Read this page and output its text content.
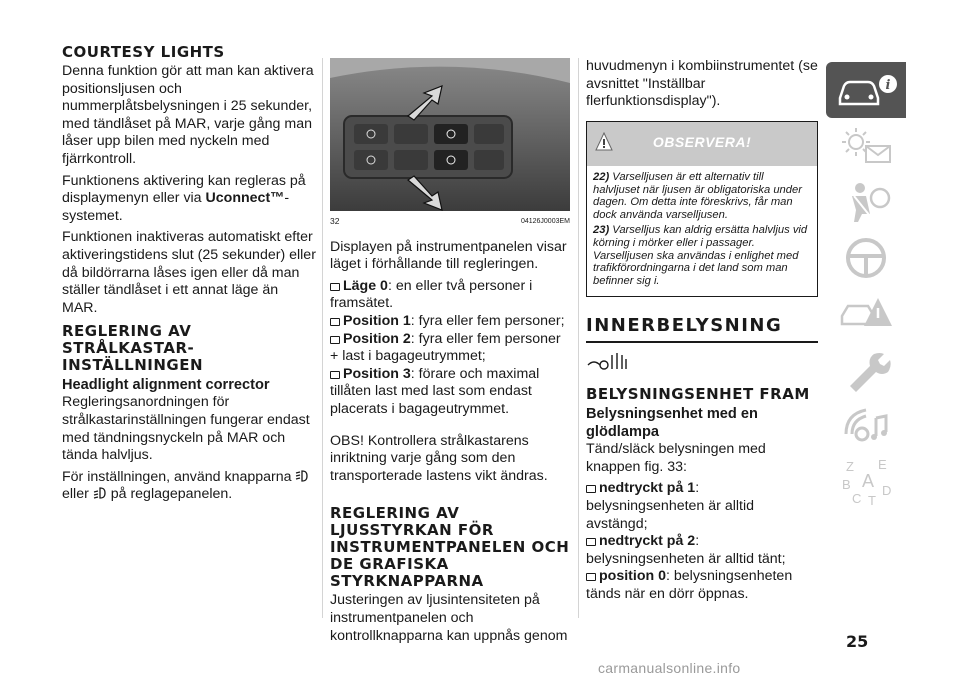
COURTESY LIGHTS

Denna funktion gör att man kan aktivera positionsljusen och nummerplåtsbelysningen i 25 sekunder, med tändlåset på MAR, varje gång man låser upp bilen med nyckeln med fjärrkontroll.

Funktionens aktivering kan regleras på displaymenyn eller via Uconnect™-systemet.

Funktionen inaktiveras automatiskt efter aktiveringstidens slut (25 sekunder) eller då bildörrarna låses igen eller då man ställer tändlåset i ett annat läge än MAR.

REGLERING AV STRÅLKASTAR-INSTÄLLNINGEN
Headlight alignment corrector

Regleringsanordningen för strålkastarinställningen fungerar endast med tändningsnyckeln på MAR och tända halvljus.

För inställningen, använd knapparna
eller på reglagepanelen.

32	04126J0003EM

Displayen på instrumentpanelen visar läget i förhållande till regleringen.

Läge 0: en eller två personer i framsätet.
Position 1: fyra eller fem personer;
Position 2: fyra eller fem personer + last i bagageutrymmet;
Position 3: förare och maximal tillåten last med last som endast placerats i bagageutrymmet.

OBS! Kontrollera strålkastarens inriktning varje gång som den transporterade lastens vikt ändras.

REGLERING AV LJUSSTYRKAN FÖR INSTRUMENTPANELEN OCH DE GRAFISKA STYRKNAPPARNA

Justeringen av ljusintensiteten på instrumentpanelen och kontrollknapparna kan uppnås genom

huvudmenyn i kombiinstrumentet (se avsnittet "Inställbar flerfunktionsdisplay").

OBSERVERA!

22) Varselljusen är ett alternativ till halvljuset när ljusen är obligatoriska under dagen. Om detta inte föreskrivs, får man dock använda varselljusen.

23) Varselljus kan aldrig ersätta halvljus vid körning i mörker eller i passager. Varselljusen ska användas i enlighet med trafikförordningarna i det land som man befinner sig i.

INNERBELYSNING
BELYSNINGSENHET FRAM
Belysningsenhet med en glödlampa

Tänd/släck belysningen med knappen fig. 33:

nedtryckt på 1: belysningsenheten är alltid avstängd;
nedtryckt på 2: belysningsenheten är alltid tänt;
position 0: belysningsenheten tänds när en dörr öppnas.
i
Z E
B A
C T
D
25
carmanualsonline.info
